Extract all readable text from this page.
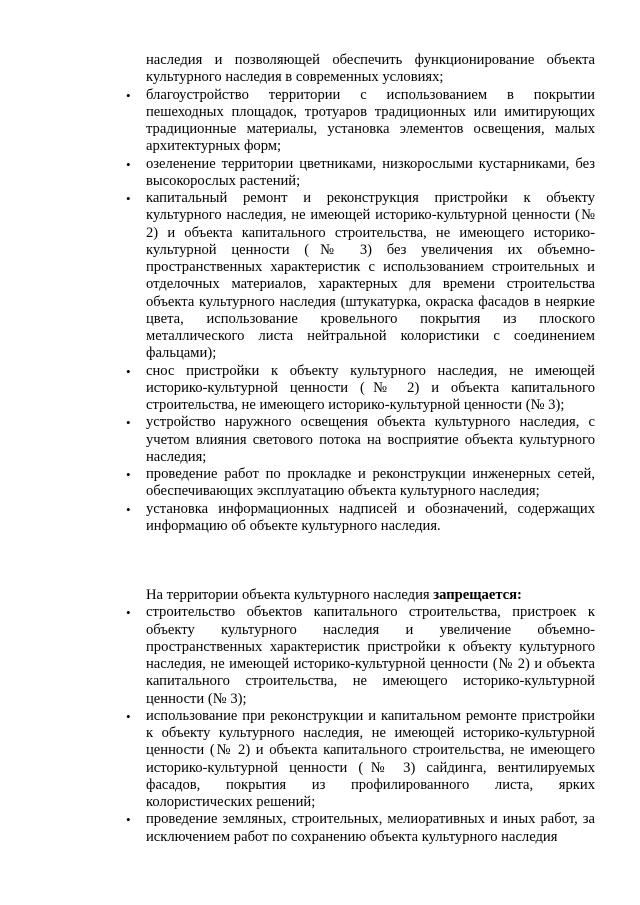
наследия и позволяющей обеспечить функционирование объекта культурного наследия в современных условиях;

• благоустройство территории с использованием в покрытии пешеходных площадок, тротуаров традиционных или имитирующих традиционные материалы, установка элементов освещения, малых архитектурных форм;
• озеленение территории цветниками, низкорослыми кустарниками, без высокорослых растений;
• капитальный ремонт и реконструкция пристройки к объекту культурного наследия, не имеющей историко-культурной ценности (№ 2) и объекта капитального строительства, не имеющего историко-культурной ценности (№ 3) без увеличения их объемно-пространственных характеристик с использованием строительных и отделочных материалов, характерных для времени строительства объекта культурного наследия (штукатурка, окраска фасадов в неяркие цвета, использование кровельного покрытия из плоского металлического листа нейтральной колористики с соединением фальцами);
• снос пристройки к объекту культурного наследия, не имеющей историко-культурной ценности (№ 2) и объекта капитального строительства, не имеющего историко-культурной ценности (№ 3);
• устройство наружного освещения объекта культурного наследия, с учетом влияния светового потока на восприятие объекта культурного наследия;
• проведение работ по прокладке и реконструкции инженерных сетей, обеспечивающих эксплуатацию объекта культурного наследия;
• установка информационных надписей и обозначений, содержащих информацию об объекте культурного наследия.

На территории объекта культурного наследия запрещается:

• строительство объектов капитального строительства, пристроек к объекту культурного наследия и увеличение объемно-пространственных характеристик пристройки к объекту культурного наследия, не имеющей историко-культурной ценности (№ 2) и объекта капитального строительства, не имеющего историко-культурной ценности (№ 3);
• использование при реконструкции и капитальном ремонте пристройки к объекту культурного наследия, не имеющей историко-культурной ценности (№ 2) и объекта капитального строительства, не имеющего историко-культурной ценности (№ 3) сайдинга, вентилируемых фасадов, покрытия из профилированного листа, ярких колористических решений;
• проведение земляных, строительных, мелиоративных и иных работ, за исключением работ по сохранению объекта культурного наследия
